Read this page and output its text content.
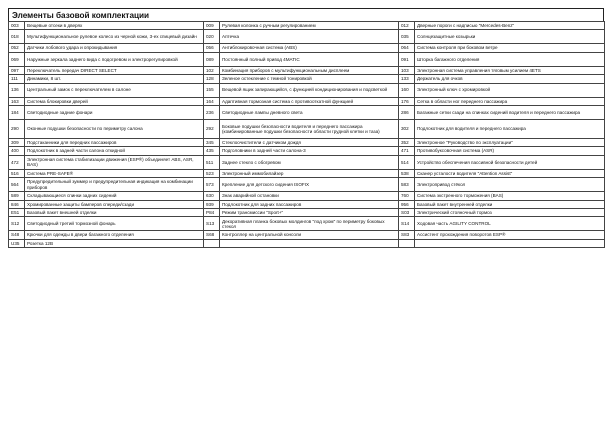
Элементы базовой комплектации
003	Вещевые отсеки в дверях	009	Рулевая колонка с ручным регулированием	012	Дверные пороги с надписью "Mercedes-Benz"
018	Мультифункциональное рулевое колесо из черной кожи, 3-ех спицевый дизайн	020	Аптечка	035	Солнцезащитные козырьки
052	Датчики лобового удара и опрокидывания	056	Антиблокировочная система (ABS)	064	Система контроля при боковом ветре
069	Наружные зеркала заднего вида с подогревом и электрорегулировкой	089	Постоянный полный привод 4MATIC	091	Шторка багажного отделения
097	Переключатель передач DIRECT SELECT	102	Комбинация приборов с мультифункциональным дисплеем	103	Электронная система управления тяговым усилием 4ETS
111	Динамики, 8 шт.	128	Зеленое остекление с темной тонировкой	133	Держатель для очков
136	Центральный замок с переключателем в салоне	155	Вещевой ящик запирающийся, с функцией кондиционирования и подсветкой	160	Электронный ключ с хромировкой
163	Система блокировки дверей	164	Адаптивная тормозная система с противооткатной функцией	176	Сетка в области ног переднего пассажира
184	Светодиодные задние фонари	236	Светодиодные лампы дневного света	286	Багажные сетки сзади на спинках сидений водителя и переднего пассажира
290	Оконные подушки безопасности по периметру салона	292	Боковые подушки безопасности водителя и переднего пассажира (комбинированные подушки безопасности области грудной клетки и таза)	302	Подлокотник для водителя и переднего пассажира
309	Подстаканники для передних пассажиров	345	Стеклоочистители с датчиком дождя	352	Электронное "Руководство по эксплуатации"
400	Подлокотник в задней части салона откидной	435	Подголовники в задней части салона-3	471	Противобуксовочная система (ASR)
472	Электронная система стабилизации движения (ESP®) объединяет ABS, ASR, BAS)	511	Заднее стекло с обогревом	514	Устройство обеспечения пассивной безопасности детей
516	Система PRE-SAFE®	523	Электронный иммобилайзер	538	Сканер усталости водителя "Attention Assist"
564	Предупредительный зуммер и предупредительная индикация на комбинации приборов	573	Крепление для детского сидения ISOFIX	583	Электропривод стёкол
589	Складывающиеся спинки задних сидений	630	Знак аварийной остановки	760	Система экстренного торможения (BAS)
846	Хромированные защиты бамперов спереди/сзади	939	Подлокотник для задних пассажиров	956	Базовый пакет внутренней отделки
E51	Базовый пакет внешней отделки	P84	Режим трансмиссии "Sport+"	S03	Электрический стояночный тормоз
S12	Светодиодный третий тормозной фонарь	S13	Декоративная планка боковых молдингов "под хром" по периметру боковых стекол	S14	Ходовая часть AGILITY CONTROL
S48	Крючки для одежды в двери багажного отделения	S68	Контроллер на центральной консоли	S83	Ассистент прохождения поворотов ESP®
U35	Розетка 12В				
